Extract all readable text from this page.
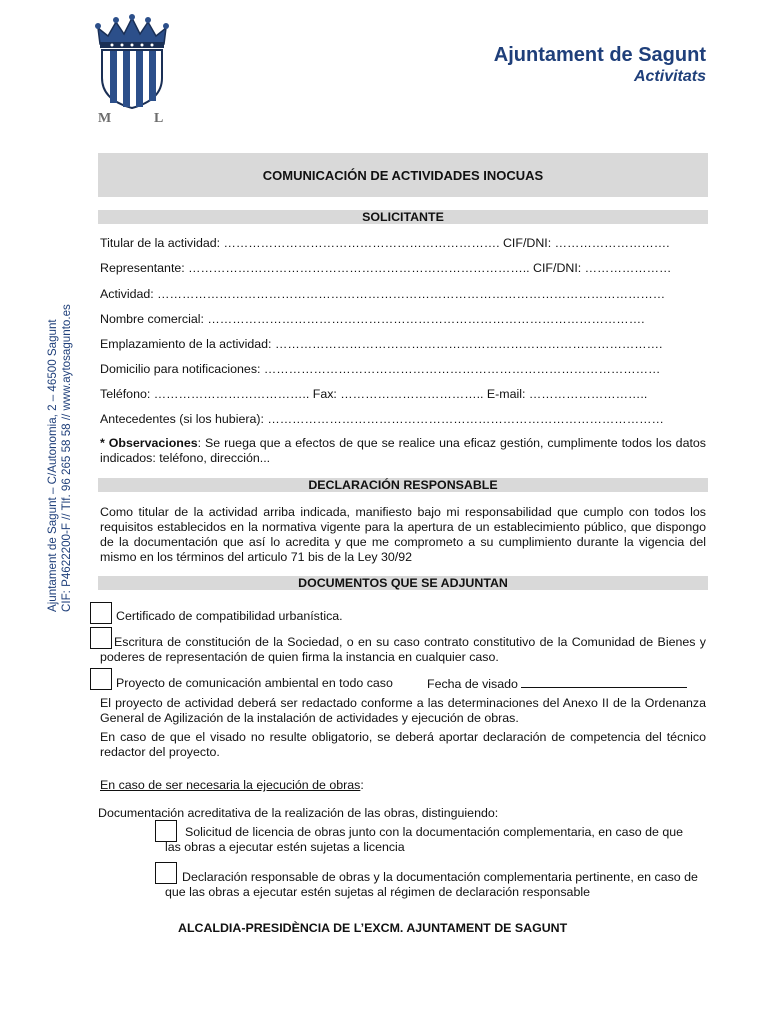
M	L
Ajuntament de Sagunt
Activitats
Ajuntament de Sagunt – C/Autonomia, 2 – 46500 Sagunt CIF: P4622200-F // Tlf. 96 265 58 58 // www.aytosagunto.es
COMUNICACIÓN DE ACTIVIDADES INOCUAS
SOLICITANTE
Titular de la actividad: …………………………………………………………. CIF/DNI: ……………………….
Representante: ……………………………………………………………………….. CIF/DNI: …………………
Actividad: ……………………………………………………………………………………………………………
Nombre comercial: …………………………………………………………………………………………….
Emplazamiento de la actividad: ………………………………………………………………………………….
Domicilio para notificaciones: ……………………………………………………………………………………
Teléfono: ……………………………….. Fax: …………………………….. E-mail: ………………………..
Antecedentes (si los hubiera): ……………………………………………………………………………………
* Observaciones: Se ruega que a efectos de que se realice una eficaz gestión, cumplimente todos los datos indicados: teléfono, dirección...
DECLARACIÓN RESPONSABLE
Como titular de la actividad arriba indicada, manifiesto bajo mi responsabilidad que cumplo con todos los requisitos establecidos en la normativa vigente para la apertura de un establecimiento público, que dispongo de la documentación que así lo acredita y que me comprometo a su cumplimiento durante la vigencia del mismo en los términos del articulo 71 bis de la Ley 30/92
DOCUMENTOS QUE SE ADJUNTAN
Certificado de compatibilidad urbanística.
Escritura de constitución de la Sociedad, o en su caso contrato constitutivo de la Comunidad de Bienes y poderes de representación de quien firma la instancia en cualquier caso.
Proyecto de comunicación ambiental en todo caso	Fecha de visado
El proyecto de actividad deberá ser redactado conforme a las determinaciones del Anexo II de la Ordenanza General de Agilización de la instalación de actividades y ejecución de obras.
En caso de que el visado no resulte obligatorio, se deberá aportar declaración de competencia del técnico redactor del proyecto.
En caso de ser necesaria la ejecución de obras:
Documentación acreditativa de la realización de las obras, distinguiendo:
Solicitud de licencia de obras junto con la documentación complementaria, en caso de que las obras a ejecutar estén sujetas a licencia
Declaración responsable de obras y la documentación complementaria pertinente, en caso de que las obras a ejecutar estén sujetas al régimen de declaración responsable
ALCALDIA-PRESIDÈNCIA DE L’EXCM. AJUNTAMENT DE SAGUNT
